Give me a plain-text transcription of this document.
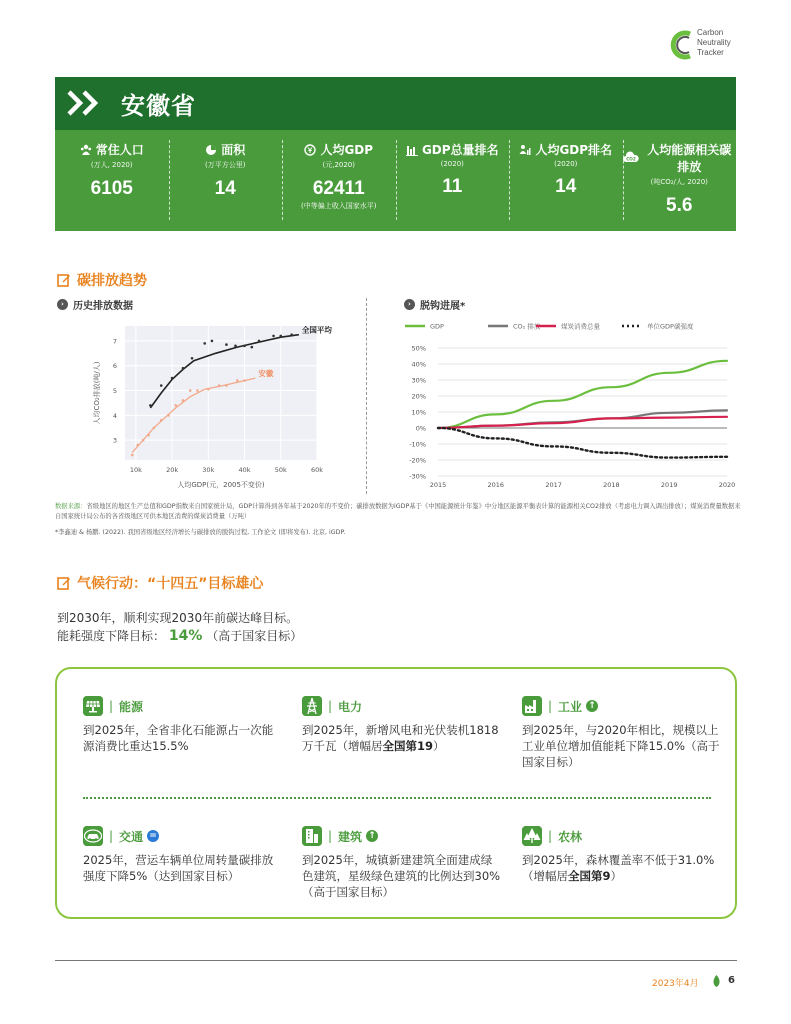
Carbon
Neutrality
Tracker
安徽省
常住人口
(万人, 2020)
6105
面积
(万平方公里)
14
人均GDP
(元,2020)
62411
(中等偏上收入国家水平)
GDP总量排名
(2020)
11
人均GDP排名
(2020)
14
CO2
人均能源相关碳排放
(吨CO₂/人, 2020)
5.6
碳排放趋势
› 历史排放数据	› 脱钩进展*
10k	20k	30k	40k	50k	60k
3
4
5
6
7
人均GDP(元，2005不变价)
人均CO₂排放(吨/人)
全国平均
安徽
GDP	CO₂ 排放	煤炭消费总量	单位GDP碳强度
50%
40%
30%
20%
10%
0%
-10%
-20%
-30%
2015	2016	2017	2018	2019	2020
数据来源：省级地区的地区生产总值和GDP指数来自国家统计局，GDP计算得到各年基于2020年的不变价；碳排放数据为iGDP基于《中国能源统计年鉴》中分地区能源平衡表计算的能源相关CO2排放（考虑电力调入调出排放）；煤炭消费量数据来自国家统计局公布的各省级地区可供本地区消费的煤炭消费量（万吨）
*李鑫迪 & 杨鹏. (2022). 我国省级地区经济增长与碳排放的脱钩过程, 工作论文 (即将发布). 北京, iGDP.
气候行动：“十四五”目标雄心
到2030年，顺利实现2030年前碳达峰目标。
能耗强度下降目标： 14% （高于国家目标）
| 能源
到2025年，全省非化石能源占一次能源消费比重达15.5%
| 电力
到2025年，新增风电和光伏装机1818万千瓦（增幅居全国第19）
| 工业 ↑
到2025年，与2020年相比，规模以上工业单位增加值能耗下降15.0%（高于国家目标）
| 交通 =
2025年，营运车辆单位周转量碳排放强度下降5%（达到国家目标）
| 建筑 ↑
到2025年，城镇新建建筑全面建成绿色建筑，星级绿色建筑的比例达到30%（高于国家目标）
| 农林
到2025年，森林覆盖率不低于31.0%（增幅居全国第9）
2023年4月	6
